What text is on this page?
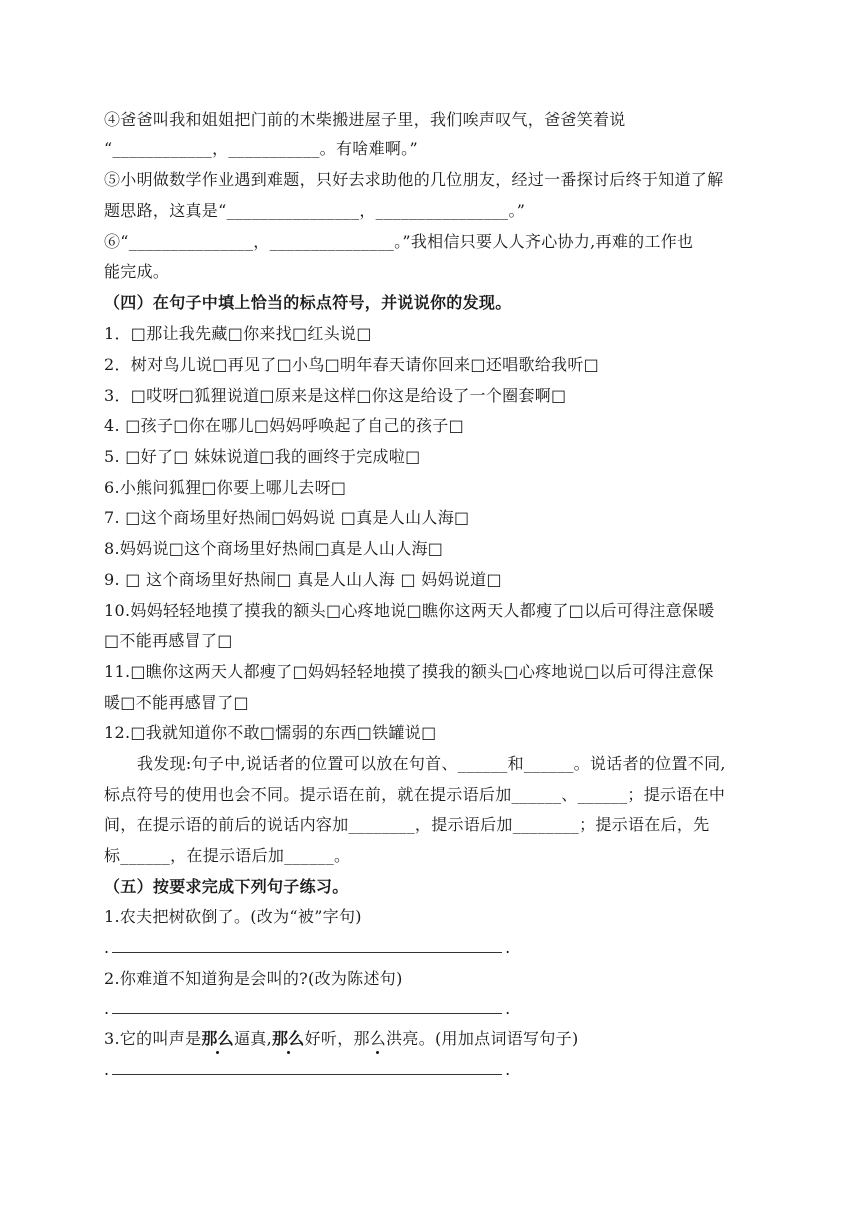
④爸爸叫我和姐姐把门前的木柴搬进屋子里，我们唉声叹气，爸爸笑着说
“____________，___________。有啥难啊。”
⑤小明做数学作业遇到难题，只好去求助他的几位朋友，经过一番探讨后终于知道了解
题思路，这真是“________________，________________。”
⑥“_______________，_______________。”我相信只要人人齐心协力,再难的工作也
能完成。
（四）在句子中填上恰当的标点符号，并说说你的发现。
1．□那让我先藏□你来找□红头说□
2．树对鸟儿说□再见了□小鸟□明年春天请你回来□还唱歌给我听□
3．□哎呀□狐狸说道□原来是这样□你这是给设了一个圈套啊□
4. □孩子□你在哪儿□妈妈呼唤起了自己的孩子□
5. □好了□ 妹妹说道□我的画终于完成啦□
6.小熊问狐狸□你要上哪儿去呀□
7. □这个商场里好热闹□妈妈说 □真是人山人海□
8.妈妈说□这个商场里好热闹□真是人山人海□
9. □ 这个商场里好热闹□ 真是人山人海 □ 妈妈说道□
10.妈妈轻轻地摸了摸我的额头□心疼地说□瞧你这两天人都瘦了□以后可得注意保暖
□不能再感冒了□
11.□瞧你这两天人都瘦了□妈妈轻轻地摸了摸我的额头□心疼地说□以后可得注意保
暖□不能再感冒了□
12.□我就知道你不敢□懦弱的东西□铁罐说□
我发现:句子中,说话者的位置可以放在句首、______和______。说话者的位置不同,
标点符号的使用也会不同。提示语在前，就在提示语后加______、______；提示语在中
间，在提示语的前后的说话内容加________，提示语后加________；提示语在后，先
标______，在提示语后加______。
（五）按要求完成下列句子练习。
1.农夫把树砍倒了。(改为“被”字句)
.	.
2.你难道不知道狗是会叫的?(改为陈述句)
.	.
3.它的叫声是那么逼真,那么好听，那么洪亮。(用加点词语写句子)
.	.
